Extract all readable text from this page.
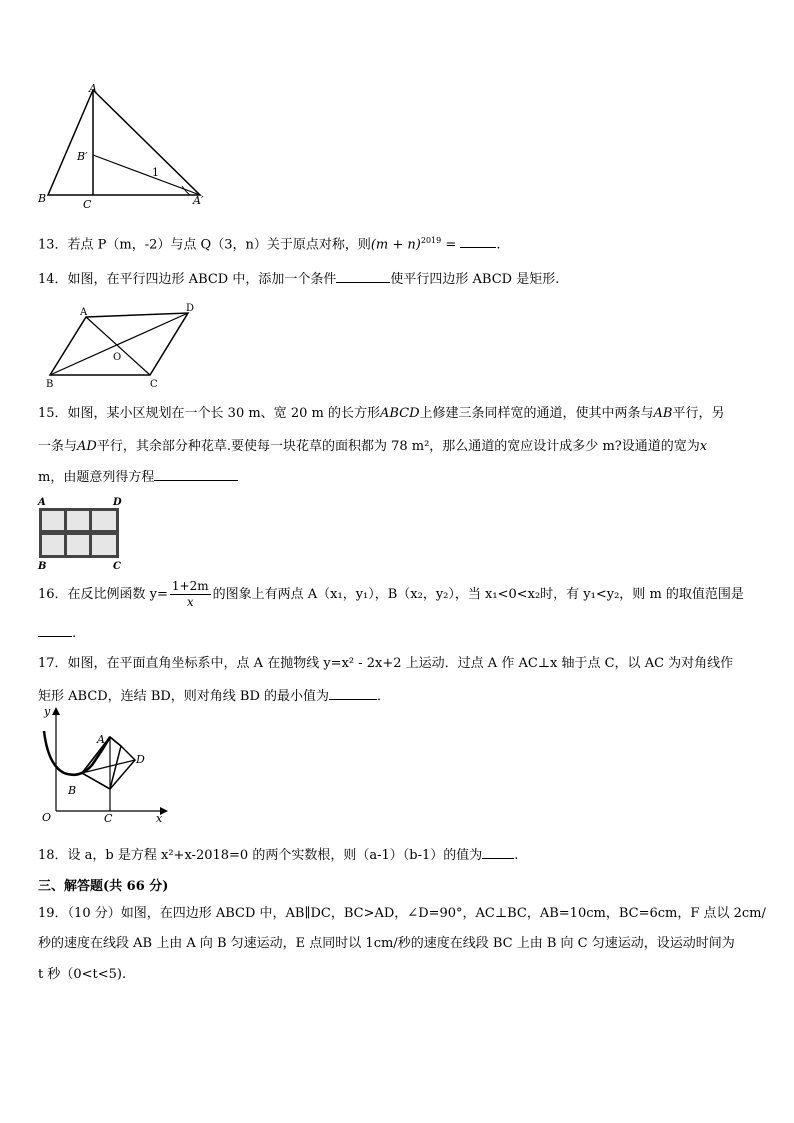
A
B′
B	C	A′
1
13．若点 P（m，-2）与点 Q（3，n）关于原点对称，则$(m + n)^{2019}$ =	.
14．如图，在平行四边形 ABCD 中，添加一个条件	使平行四边形 ABCD 是矩形.
A	D
O
B	C
15．如图，某小区规划在一个长 30 m、宽 20 m 的长方形ABCD上修建三条同样宽的通道，使其中两条与AB平行，另
一条与AD平行，其余部分种花草.要使每一块花草的面积都为 78 m²，那么通道的宽应设计成多少 m?设通道的宽为x
m，由题意列得方程
A	D
B	C
16．在反比例函数 $y= \frac{1+2m}{x}$ 的图象上有两点 A（x₁，y₁），B（x₂，y₂），当 x₁<0<x₂时，有 y₁<y₂，则 m 的取值范围是
.
17．如图，在平面直角坐标系中，点 A 在抛物线 y=x² - 2x+2 上运动．过点 A 作 AC⊥x 轴于点 C，以 AC 为对角线作
矩形 ABCD，连结 BD，则对角线 BD 的最小值为	．
y
x
O
A
D
B
C
18．设 a，b 是方程 x²+x-2018=0 的两个实数根，则（a-1）（b-1）的值为 .
三、解答题(共 66 分)
19．（10 分）如图，在四边形 ABCD 中，AB∥DC，BC>AD，∠D=90°，AC⊥BC，AB=10cm，BC=6cm，F 点以 2cm/
秒的速度在线段 AB 上由 A 向 B 匀速运动，E 点同时以 1cm/秒的速度在线段 BC 上由 B 向 C 匀速运动，设运动时间为
t 秒（0<t<5).
